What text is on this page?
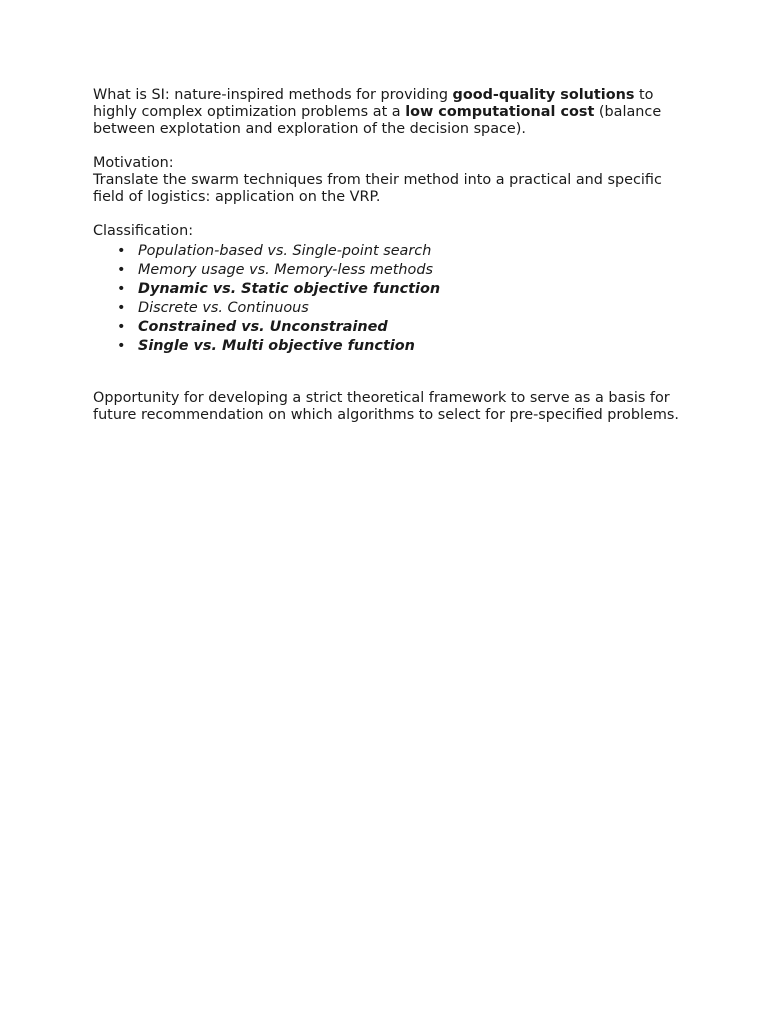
What is SI: nature-inspired methods for providing good-quality solutions to highly complex optimization problems at a low computational cost (balance between explotation and exploration of the decision space).

Motivation:

Translate the swarm techniques from their method into a practical and specific field of logistics: application on the VRP.

Classification:

• Population-based vs. Single-point search
• Memory usage vs. Memory-less methods
• Dynamic vs. Static objective function
• Discrete vs. Continuous
• Constrained vs. Unconstrained
• Single vs. Multi objective function

Opportunity for developing a strict theoretical framework to serve as a basis for future recommendation on which algorithms to select for pre-specified problems.
